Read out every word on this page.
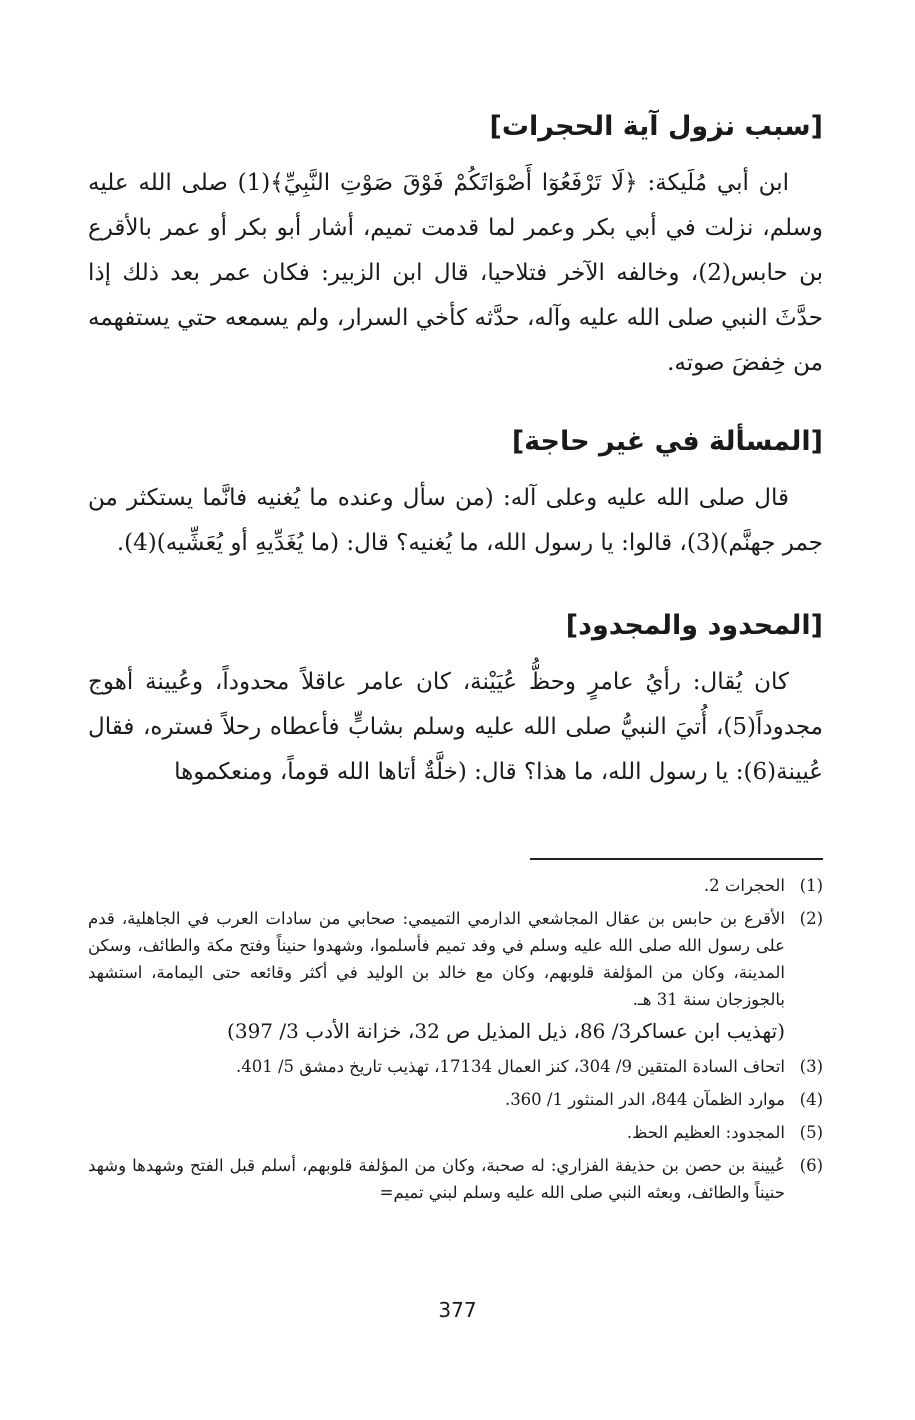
[سبب نزول آية الحجرات]

ابن أبي مُلَيكة: ﴿لَا تَرْفَعُوٓا أَصْوَاتَكُمْ فَوْقَ صَوْتِ النَّبِيِّ﴾(1) صلى الله عليه وسلم، نزلت في أبي بكر وعمر لما قدمت تميم، أشار أبو بكر أو عمر بالأقرع بن حابس(2)، وخالفه الآخر فتلاحيا، قال ابن الزبير: فكان عمر بعد ذلك إذا حدَّثَ النبي صلى الله عليه وآله، حدَّثه كأخي السرار، ولم يسمعه حتي يستفهمه من خِفضَ صوته.

[المسألة في غير حاجة]

قال صلى الله عليه وعلى آله: (من سأل وعنده ما يُغنيه فانَّما يستكثر من جمر جهنَّم)(3)، قالوا: يا رسول الله، ما يُغنيه؟ قال: (ما يُغَدِّيهِ أو يُعَشِّيه)(4).

[المحدود والمجدود]

كان يُقال: رأيُ عامرٍ وحظُّ عُيَيْنة، كان عامر عاقلاً محدوداً، وعُيينة أهوج مجدوداً(5)، أُتيَ النبيُّ صلى الله عليه وسلم بشابٍّ فأعطاه رحلاً فستره، فقال عُيينة(6): يا رسول الله، ما هذا؟ قال: (خلَّةٌ أتاها الله قوماً، ومنعكموها

(1)
الحجرات 2.
(2)
الأقرع بن حابس بن عقال المجاشعي الدارمي التميمي: صحابي من سادات العرب في الجاهلية، قدم على رسول الله صلى الله عليه وسلم في وفد تميم فأسلموا، وشهدوا حنيناً وفتح مكة والطائف، وسكن المدينة، وكان من المؤلفة قلوبهم، وكان مع خالد بن الوليد في أكثر وقائعه حتى اليمامة، استشهد بالجوزجان سنة 31 هـ.
(تهذيب ابن عساكر3/ 86، ذيل المذيل ص 32، خزانة الأدب 3/ 397)
(3)
اتحاف السادة المتقين 9/ 304، كنز العمال 17134، تهذيب تاريخ دمشق 5/ 401.
(4)
موارد الظمآن 844، الدر المنثور 1/ 360.
(5)
المجدود: العظيم الحظ.
(6)
عُيينة بن حصن بن حذيفة الفزاري: له صحبة، وكان من المؤلفة قلوبهم، أسلم قبل الفتح وشهدها وشهد حنيناً والطائف، وبعثه النبي صلى الله عليه وسلم لبني تميم=
377
